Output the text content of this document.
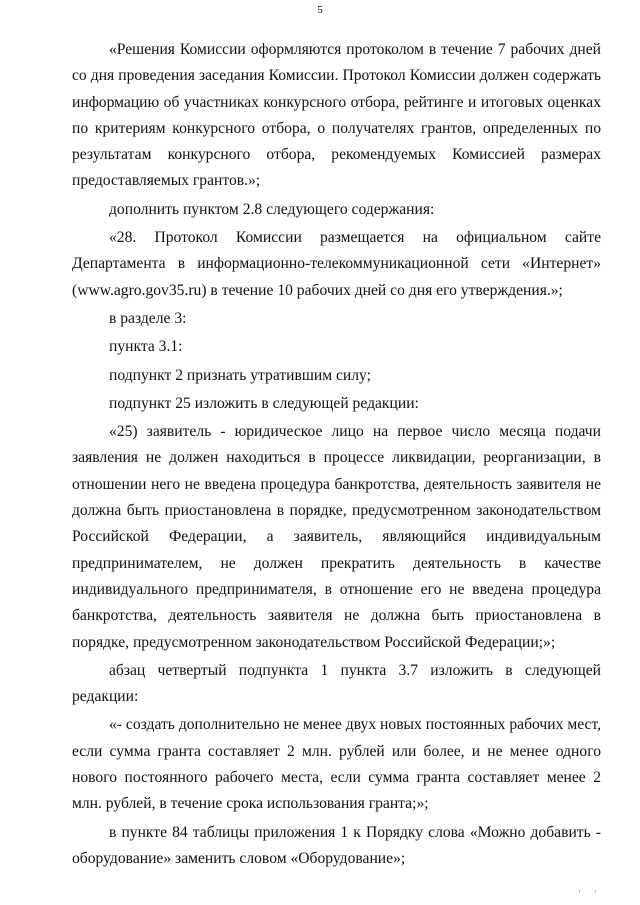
5

«Решения Комиссии оформляются протоколом в течение 7 рабочих дней со дня проведения заседания Комиссии. Протокол Комиссии должен содержать информацию об участниках конкурсного отбора, рейтинге и итоговых оценках по критериям конкурсного отбора, о получателях грантов, определенных по результатам конкурсного отбора, рекомендуемых Комиссией размерах предоставляемых грантов.»;

дополнить пунктом 2.8 следующего содержания:

«28. Протокол Комиссии размещается на официальном сайте Департамента в информационно-телекоммуникационной сети «Интернет» (www.agro.gov35.ru) в течение 10 рабочих дней со дня его утверждения.»;

в разделе 3:

пункта 3.1:

подпункт 2 признать утратившим силу;

подпункт 25 изложить в следующей редакции:

«25) заявитель - юридическое лицо на первое число месяца подачи заявления не должен находиться в процессе ликвидации, реорганизации, в отношении него не введена процедура банкротства, деятельность заявителя не должна быть приостановлена в порядке, предусмотренном законодательством Российской Федерации, а заявитель, являющийся индивидуальным предпринимателем, не должен прекратить деятельность в качестве индивидуального предпринимателя, в отношение его не введена процедура банкротства, деятельность заявителя не должна быть приостановлена в порядке, предусмотренном законодательством Российской Федерации;»;

абзац четвертый подпункта 1 пункта 3.7 изложить в следующей редакции:

«- создать дополнительно не менее двух новых постоянных рабочих мест, если сумма гранта составляет 2 млн. рублей или более, и не менее одного нового постоянного рабочего места, если сумма гранта составляет менее 2 млн. рублей, в течение срока использования гранта;»;

в пункте 84 таблицы приложения 1 к Порядку слова «Можно добавить - оборудование» заменить словом «Оборудование»;

' '
